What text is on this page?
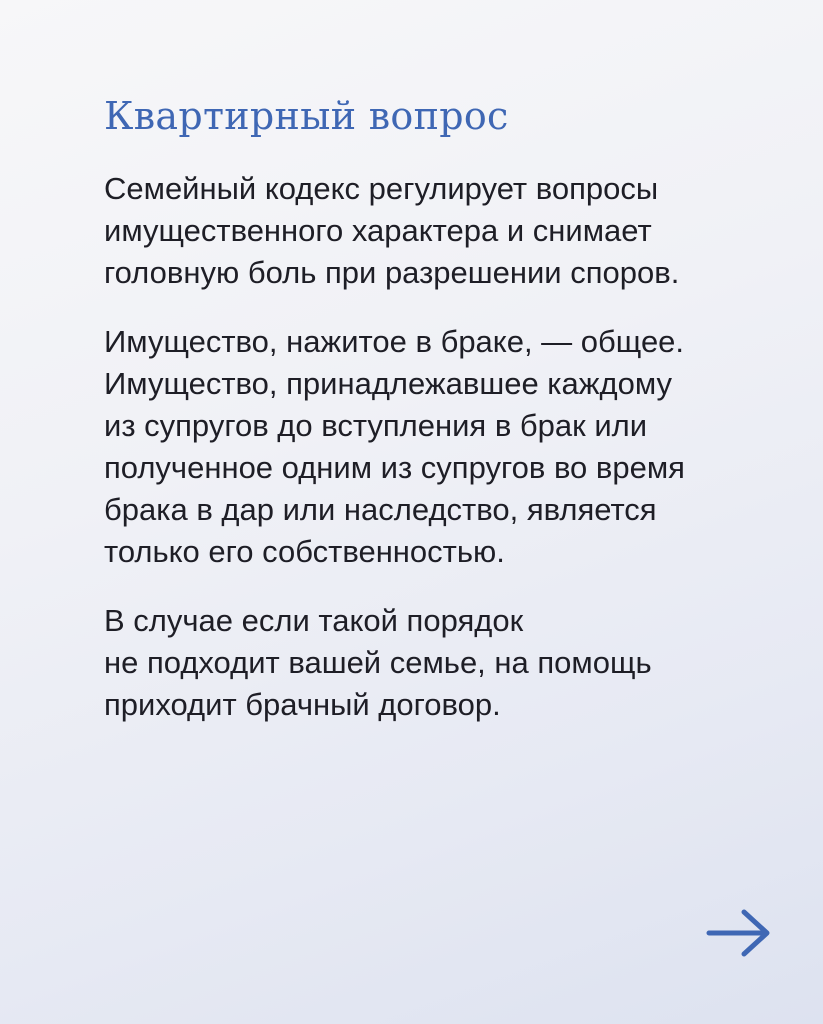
Квартирный вопрос

Семейный кодекс регулирует вопросы
имущественного характера и снимает
головную боль при разрешении споров.

Имущество, нажитое в браке, — общее.
Имущество, принадлежавшее каждому
из супругов до вступления в брак или
полученное одним из супругов во время
брака в дар или наследство, является
только его собственностью.

В случае если такой порядок
не подходит вашей семье, на помощь
приходит брачный договор.
